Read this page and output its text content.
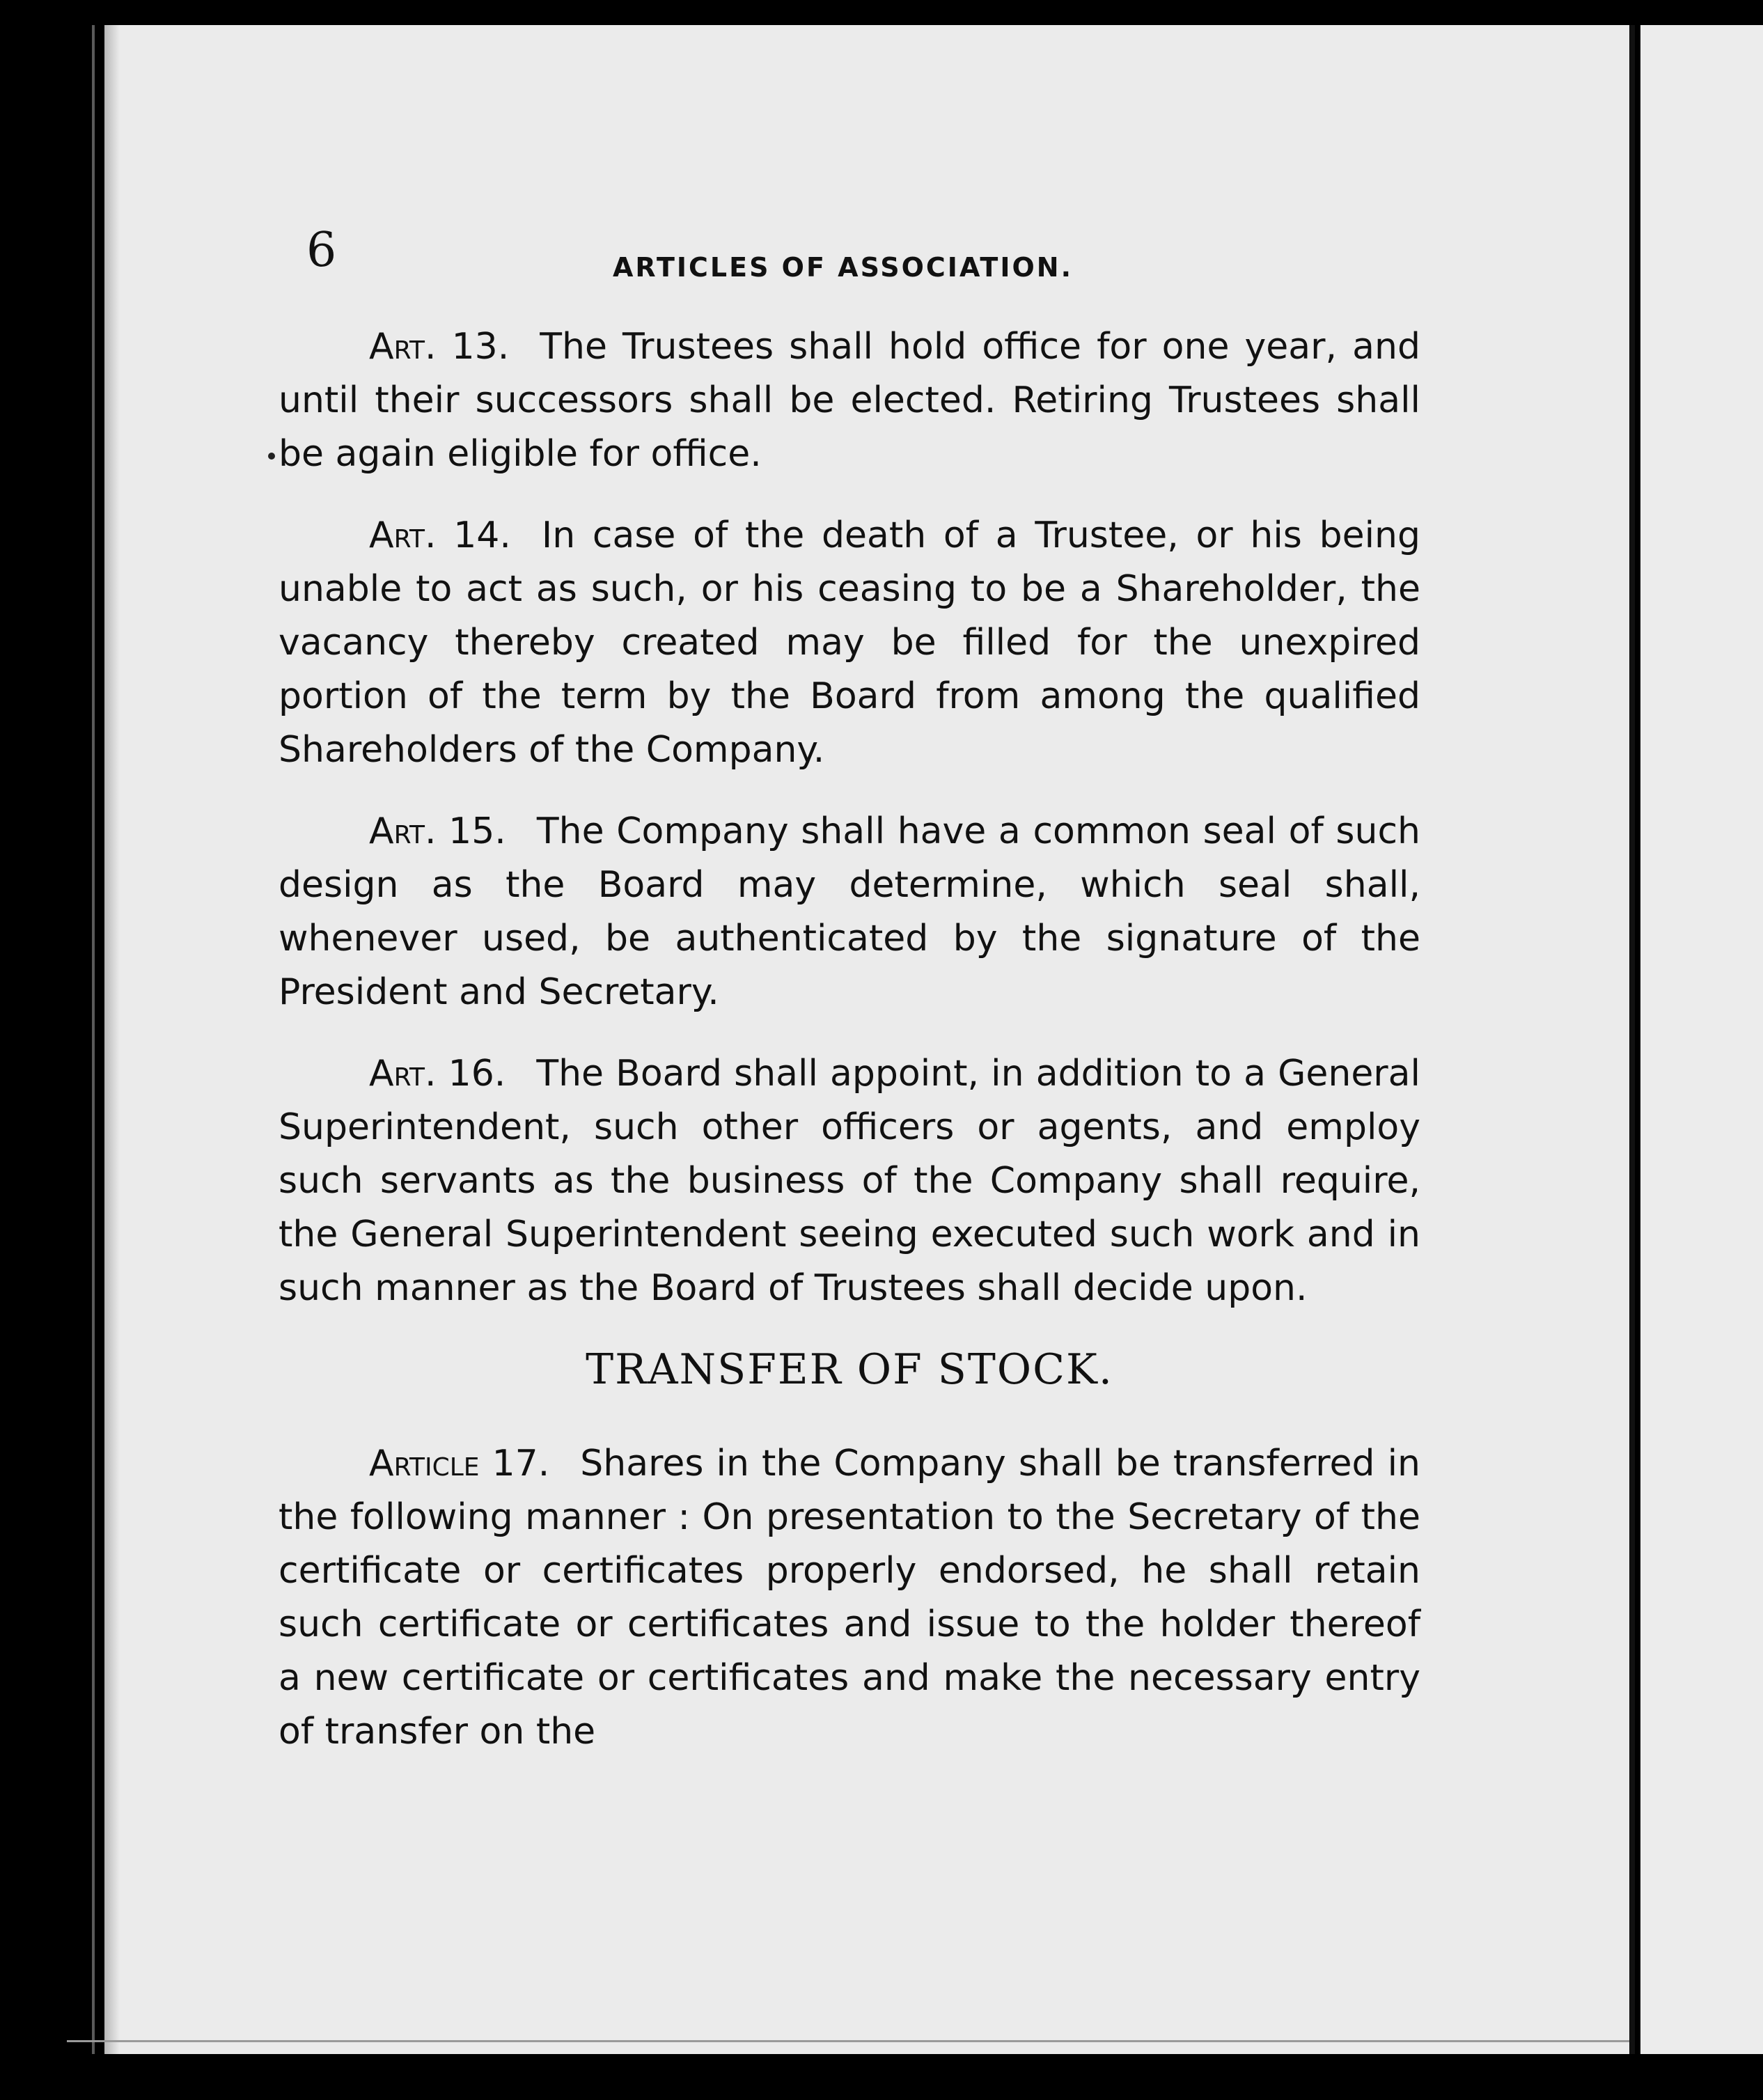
6	ARTICLES OF ASSOCIATION.

Art. 13. The Trustees shall hold office for one year, and until their successors shall be elected. Retiring Trustees shall be again eligible for office.

Art. 14. In case of the death of a Trustee, or his being unable to act as such, or his ceasing to be a Shareholder, the vacancy thereby created may be filled for the unexpired portion of the term by the Board from among the qualified Shareholders of the Company.

Art. 15. The Company shall have a common seal of such design as the Board may determine, which seal shall, whenever used, be authenticated by the signature of the President and Secretary.

Art. 16. The Board shall appoint, in addition to a General Superintendent, such other officers or agents, and employ such servants as the business of the Company shall require, the General Superintendent seeing executed such work and in such manner as the Board of Trustees shall decide upon.

TRANSFER OF STOCK.

Article 17. Shares in the Company shall be transferred in the following manner : On presentation to the Secretary of the certificate or certificates properly endorsed, he shall retain such certificate or certificates and issue to the holder thereof a new certificate or certificates and make the necessary entry of transfer on the
